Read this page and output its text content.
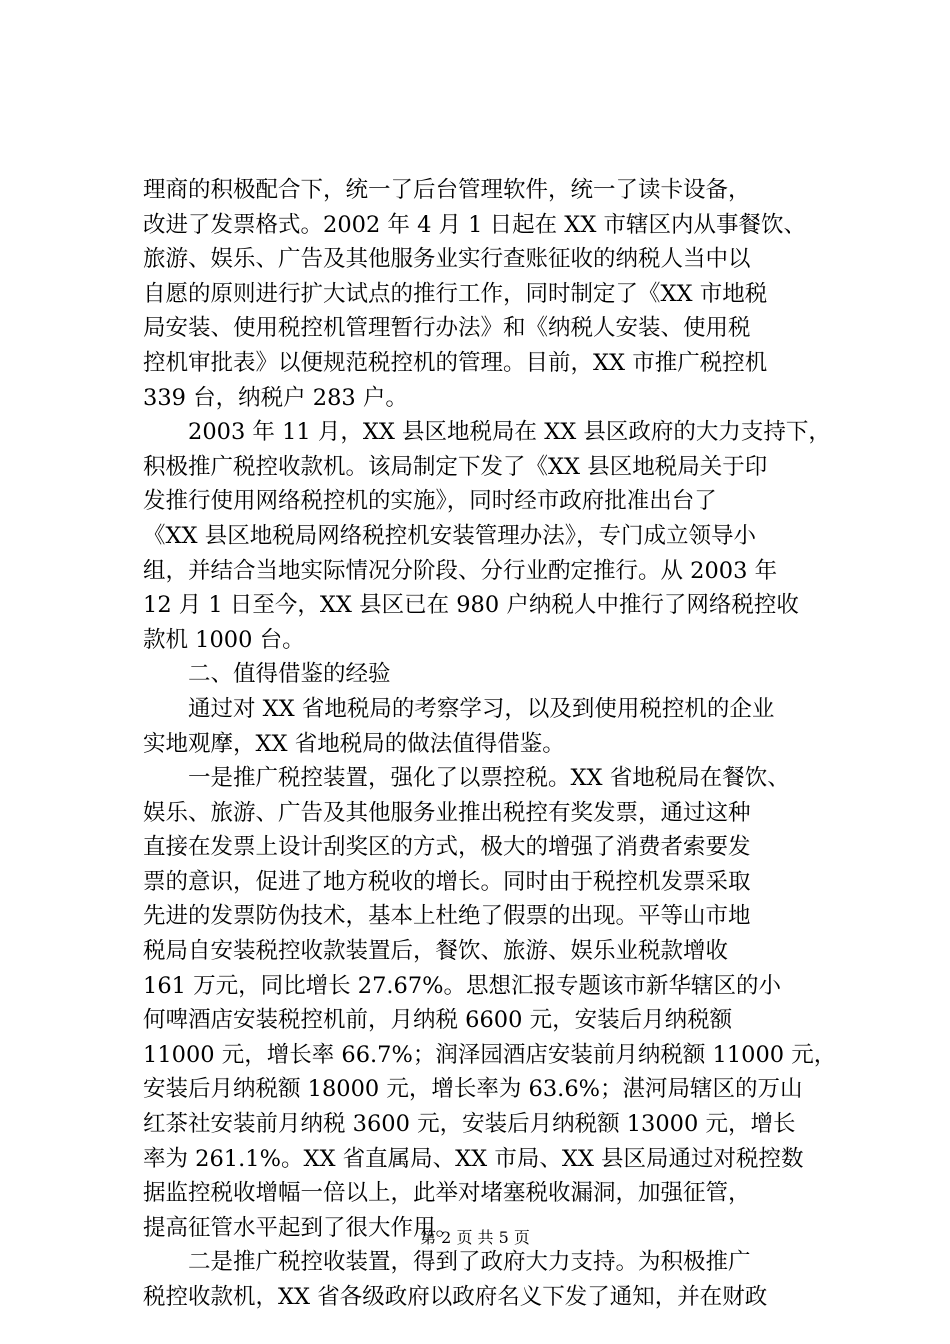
理商的积极配合下，统一了后台管理软件，统一了读卡设备，
改进了发票格式。2002 年 4 月 1 日起在 XX 市辖区内从事餐饮、
旅游、娱乐、广告及其他服务业实行查账征收的纳税人当中以
自愿的原则进行扩大试点的推行工作，同时制定了《XX 市地税
局安装、使用税控机管理暂行办法》和《纳税人安装、使用税
控机审批表》以便规范税控机的管理。目前，XX 市推广税控机
339 台，纳税户 283 户。
　　2003 年 11 月，XX 县区地税局在 XX 县区政府的大力支持下，
积极推广税控收款机。该局制定下发了《XX 县区地税局关于印
发推行使用网络税控机的实施》，同时经市政府批准出台了
《XX 县区地税局网络税控机安装管理办法》，专门成立领导小
组，并结合当地实际情况分阶段、分行业酌定推行。从 2003 年
12 月 1 日至今，XX 县区已在 980 户纳税人中推行了网络税控收
款机 1000 台。
　　二、值得借鉴的经验
　　通过对 XX 省地税局的考察学习，以及到使用税控机的企业
实地观摩，XX 省地税局的做法值得借鉴。
　　一是推广税控装置，强化了以票控税。XX 省地税局在餐饮、
娱乐、旅游、广告及其他服务业推出税控有奖发票，通过这种
直接在发票上设计刮奖区的方式，极大的增强了消费者索要发
票的意识，促进了地方税收的增长。同时由于税控机发票采取
先进的发票防伪技术，基本上杜绝了假票的出现。平等山市地
税局自安装税控收款装置后，餐饮、旅游、娱乐业税款增收
161 万元，同比增长 27.67%。思想汇报专题该市新华辖区的小
何啤酒店安装税控机前，月纳税 6600 元，安装后月纳税额
11000 元，增长率 66.7%；润泽园酒店安装前月纳税额 11000 元，
安装后月纳税额 18000 元，增长率为 63.6%；湛河局辖区的万山
红茶社安装前月纳税 3600 元，安装后月纳税额 13000 元，增长
率为 261.1%。XX 省直属局、XX 市局、XX 县区局通过对税控数
据监控税收增幅一倍以上，此举对堵塞税收漏洞，加强征管，
提高征管水平起到了很大作用。
　　二是推广税控收装置，得到了政府大力支持。为积极推广
税控收款机，XX 省各级政府以政府名义下发了通知，并在财政
第 2 页 共 5 页
